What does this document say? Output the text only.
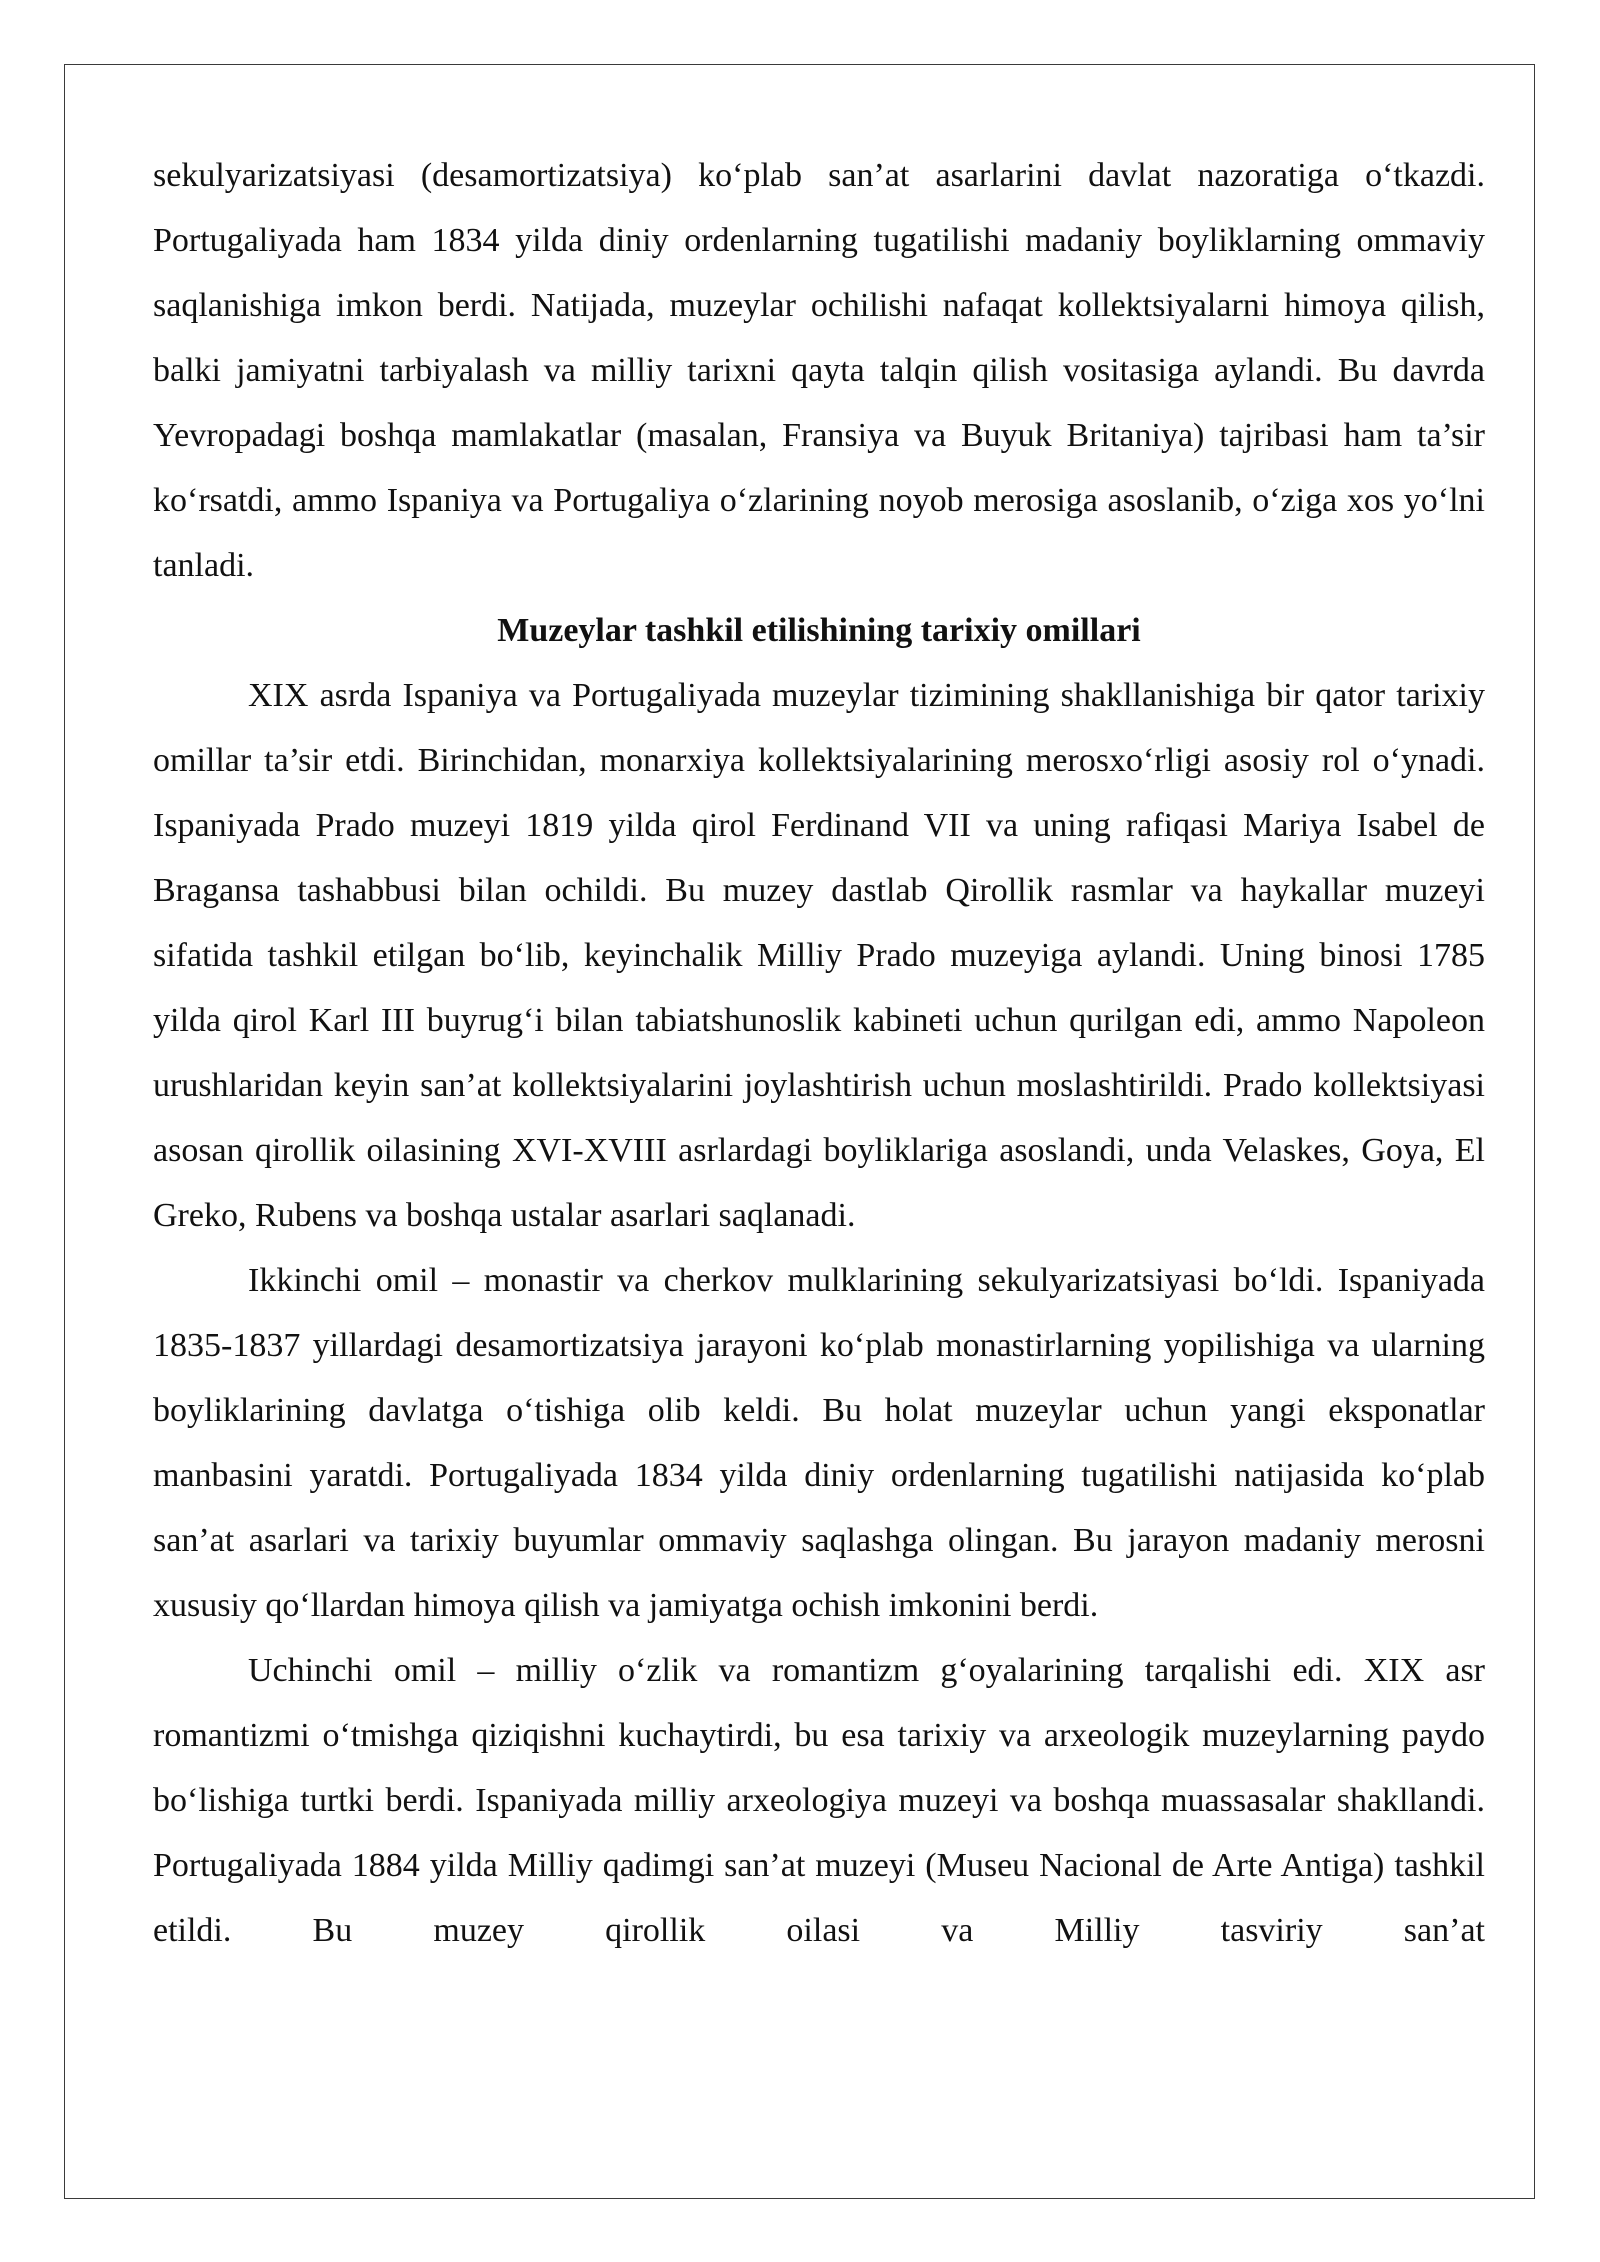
sekulyarizatsiyasi (desamortizatsiya) ko‘plab san’at asarlarini davlat nazoratiga o‘tkazdi. Portugaliyada ham 1834 yilda diniy ordenlarning tugatilishi madaniy boyliklarning ommaviy saqlanishiga imkon berdi. Natijada, muzeylar ochilishi nafaqat kollektsiyalarni himoya qilish, balki jamiyatni tarbiyalash va milliy tarixni qayta talqin qilish vositasiga aylandi. Bu davrda Yevropadagi boshqa mamlakatlar (masalan, Fransiya va Buyuk Britaniya) tajribasi ham ta’sir ko‘rsatdi, ammo Ispaniya va Portugaliya o‘zlarining noyob merosiga asoslanib, o‘ziga xos yo‘lni tanladi.

Muzeylar tashkil etilishining tarixiy omillari

XIX asrda Ispaniya va Portugaliyada muzeylar tizimining shakllanishiga bir qator tarixiy omillar ta’sir etdi. Birinchidan, monarxiya kollektsiyalarining merosxo‘rligi asosiy rol o‘ynadi. Ispaniyada Prado muzeyi 1819 yilda qirol Ferdinand VII va uning rafiqasi Mariya Isabel de Bragansa tashabbusi bilan ochildi. Bu muzey dastlab Qirollik rasmlar va haykallar muzeyi sifatida tashkil etilgan bo‘lib, keyinchalik Milliy Prado muzeyiga aylandi. Uning binosi 1785 yilda qirol Karl III buyrug‘i bilan tabiatshunoslik kabineti uchun qurilgan edi, ammo Napoleon urushlaridan keyin san’at kollektsiyalarini joylashtirish uchun moslashtirildi. Prado kollektsiyasi asosan qirollik oilasining XVI-XVIII asrlardagi boyliklariga asoslandi, unda Velaskes, Goya, El Greko, Rubens va boshqa ustalar asarlari saqlanadi.

Ikkinchi omil – monastir va cherkov mulklarining sekulyarizatsiyasi bo‘ldi. Ispaniyada 1835-1837 yillardagi desamortizatsiya jarayoni ko‘plab monastirlarning yopilishiga va ularning boyliklarining davlatga o‘tishiga olib keldi. Bu holat muzeylar uchun yangi eksponatlar manbasini yaratdi. Portugaliyada 1834 yilda diniy ordenlarning tugatilishi natijasida ko‘plab san’at asarlari va tarixiy buyumlar ommaviy saqlashga olingan. Bu jarayon madaniy merosni xususiy qo‘llardan himoya qilish va jamiyatga ochish imkonini berdi.

Uchinchi omil – milliy o‘zlik va romantizm g‘oyalarining tarqalishi edi. XIX asr romantizmi o‘tmishga qiziqishni kuchaytirdi, bu esa tarixiy va arxeologik muzeylarning paydo bo‘lishiga turtki berdi. Ispaniyada milliy arxeologiya muzeyi va boshqa muassasalar shakllandi. Portugaliyada 1884 yilda Milliy qadimgi san’at muzeyi (Museu Nacional de Arte Antiga) tashkil etildi. Bu muzey qirollik oilasi va Milliy tasviriy san’at
